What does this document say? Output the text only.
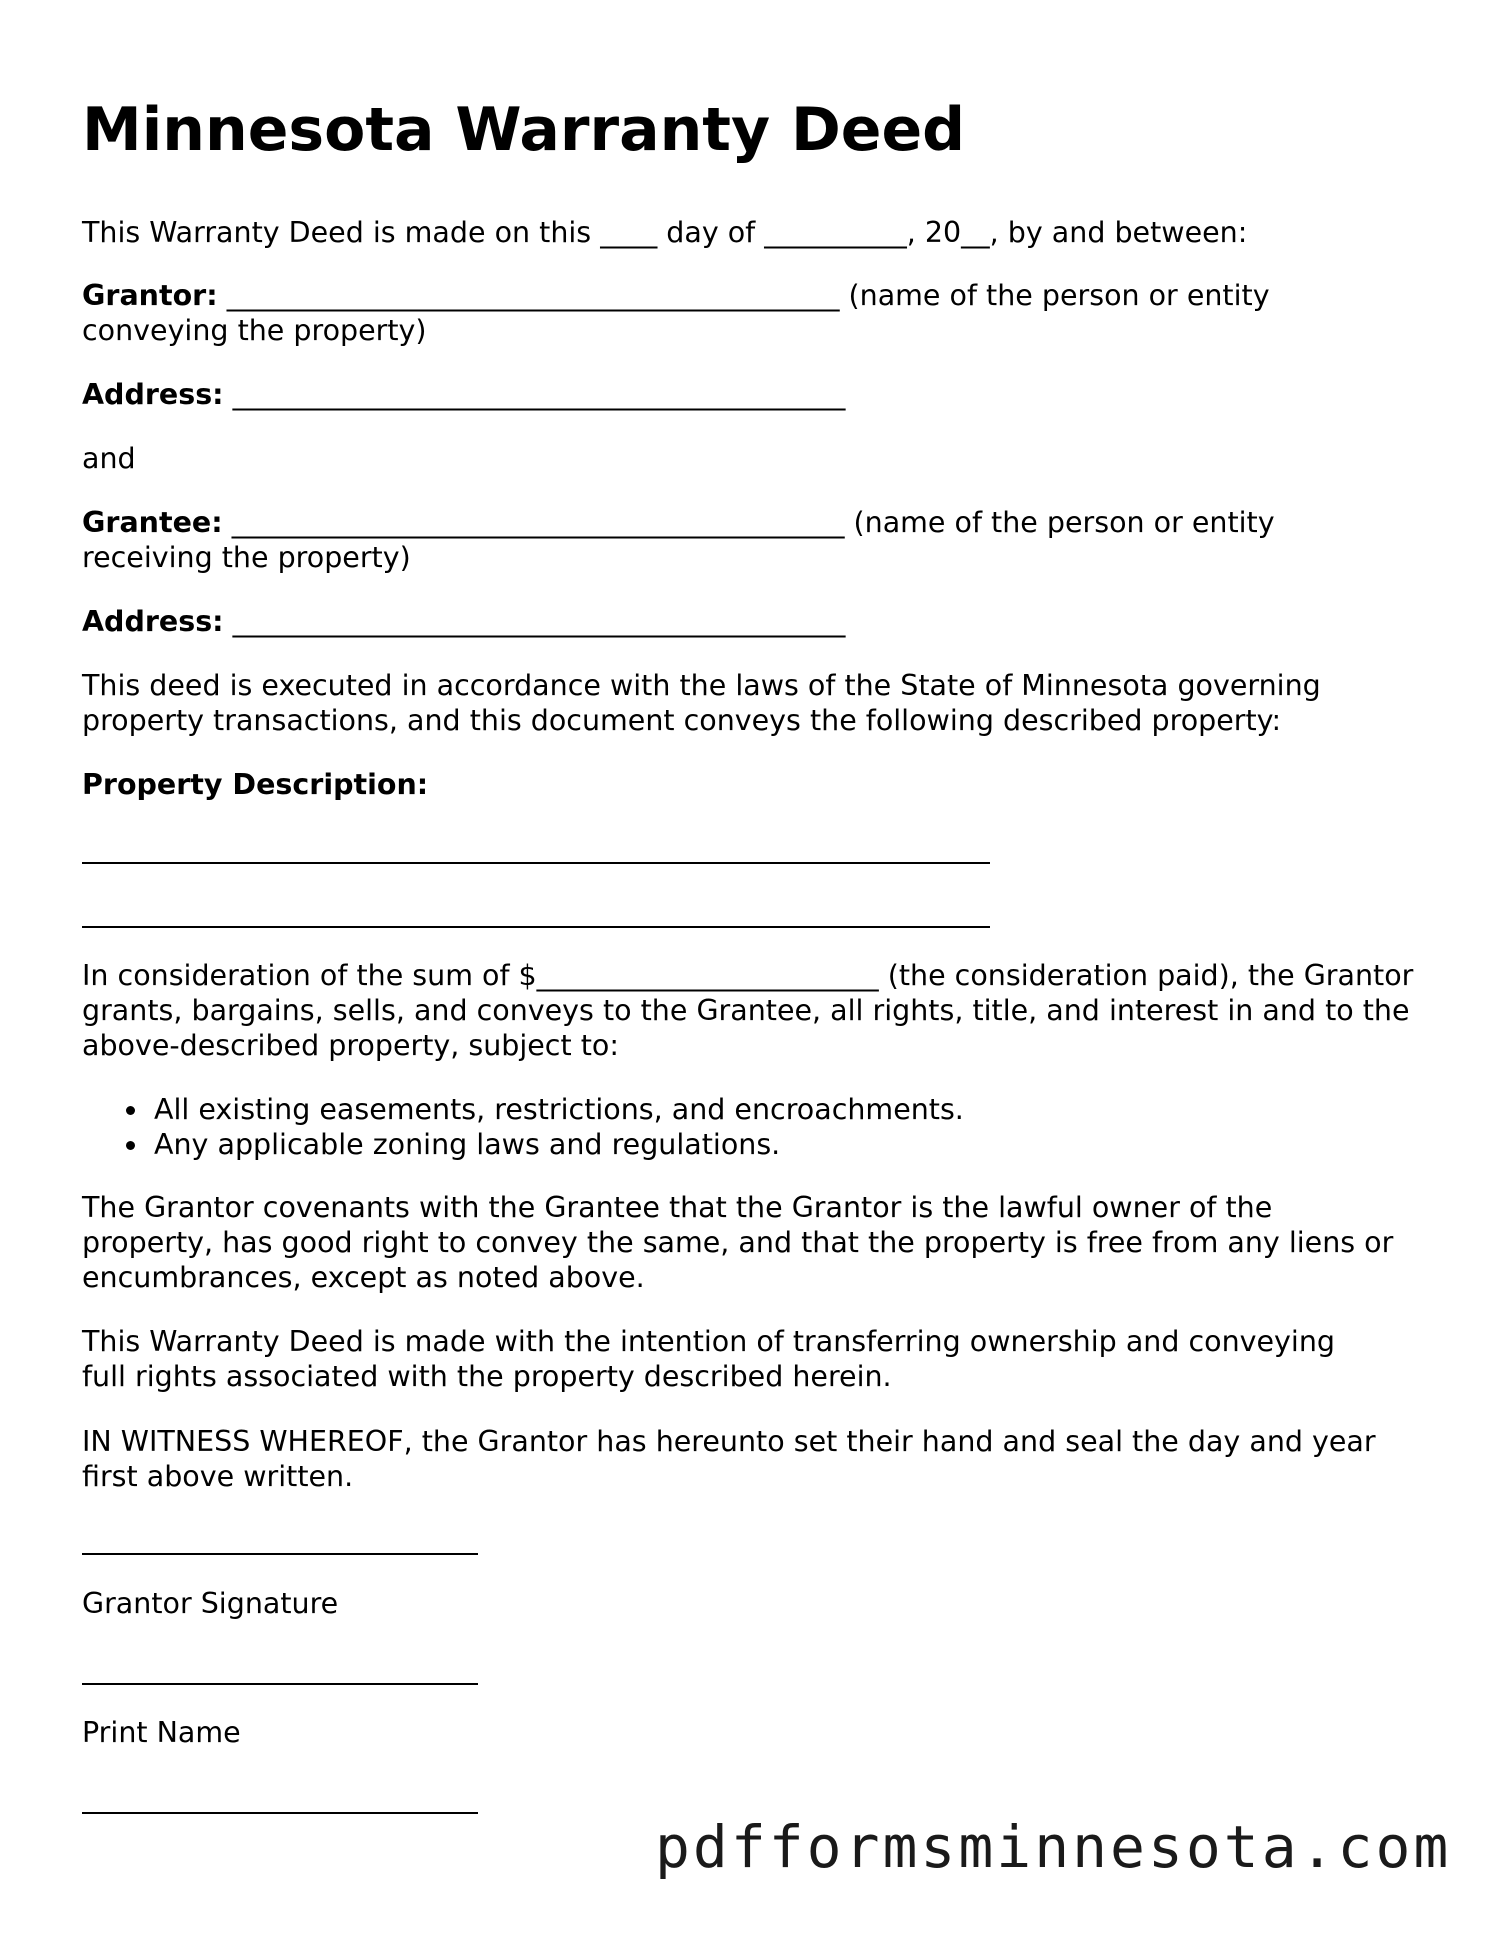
Minnesota Warranty Deed

This Warranty Deed is made on this ____ day of __________, 20__, by and between:

Grantor: ___________________________________________ (name of the person or entity conveying the property)

Address: ___________________________________________

and

Grantee: ___________________________________________ (name of the person or entity receiving the property)

Address: ___________________________________________

This deed is executed in accordance with the laws of the State of Minnesota governing property transactions, and this document conveys the following described property:

Property Description:

In consideration of the sum of $________________________ (the consideration paid), the Grantor grants, bargains, sells, and conveys to the Grantee, all rights, title, and interest in and to the above-described property, subject to:

All existing easements, restrictions, and encroachments.
Any applicable zoning laws and regulations.

The Grantor covenants with the Grantee that the Grantor is the lawful owner of the property, has good right to convey the same, and that the property is free from any liens or encumbrances, except as noted above.

This Warranty Deed is made with the intention of transferring ownership and conveying full rights associated with the property described herein.

IN WITNESS WHEREOF, the Grantor has hereunto set their hand and seal the day and year first above written.

Grantor Signature

Print Name

pdfformsminnesota.com
